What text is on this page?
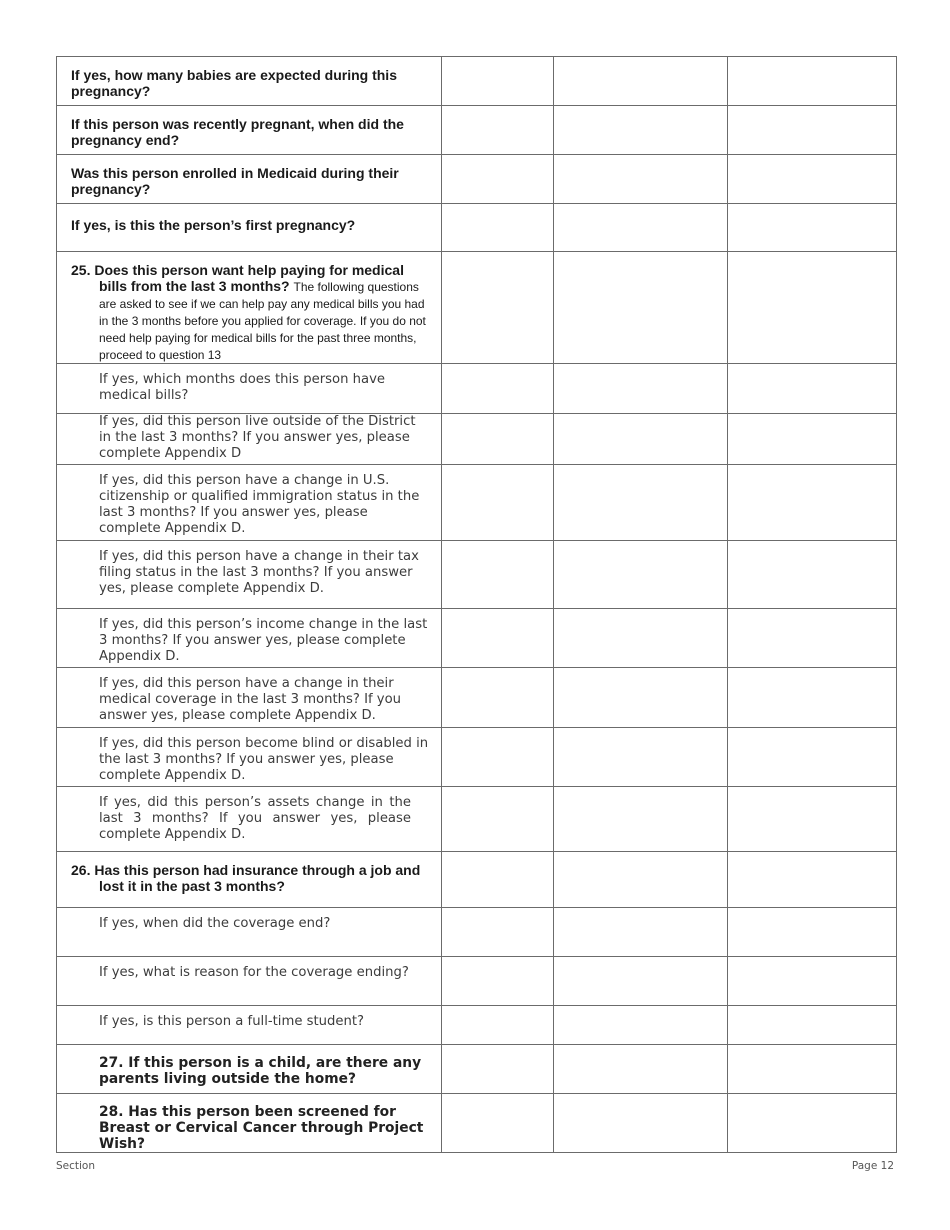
If yes, how many babies are expected during this pregnancy?			

If this person was recently pregnant, when did the pregnancy end?			

Was this person enrolled in Medicaid during their pregnancy?			

If yes, is this the person’s first pregnancy?			

25. Does this person want help paying for medical
bills from the last 3 months? The following questions are asked to see if we can help pay any medical bills you had in the 3 months before you applied for coverage. If you do not need help paying for medical bills for the past three months, proceed to question 13			

If yes, which months does this person have medical bills?			

If yes, did this person live outside of the District in the last 3 months? If you answer yes, please complete Appendix D			

If yes, did this person have a change in U.S. citizenship or qualified immigration status in the last 3 months? If you answer yes, please complete Appendix D.			

If yes, did this person have a change in their tax filing status in the last 3 months? If you answer yes, please complete Appendix D.			

If yes, did this person’s income change in the last 3 months? If you answer yes, please complete Appendix D.			

If yes, did this person have a change in their medical coverage in the last 3 months? If you answer yes, please complete Appendix D.			

If yes, did this person become blind or disabled in the last 3 months? If you answer yes, please complete Appendix D.			

If yes, did this person’s assets change in the last 3 months? If you answer yes, please complete Appendix D.			

26. Has this person had insurance through a job and
lost it in the past 3 months?			

If yes, when did the coverage end?			

If yes, what is reason for the coverage ending?			

If yes, is this person a full-time student?			

27. If this person is a child, are there any parents living outside the home?			

28. Has this person been screened for Breast or Cervical Cancer through Project Wish?			

Section	Page 12
